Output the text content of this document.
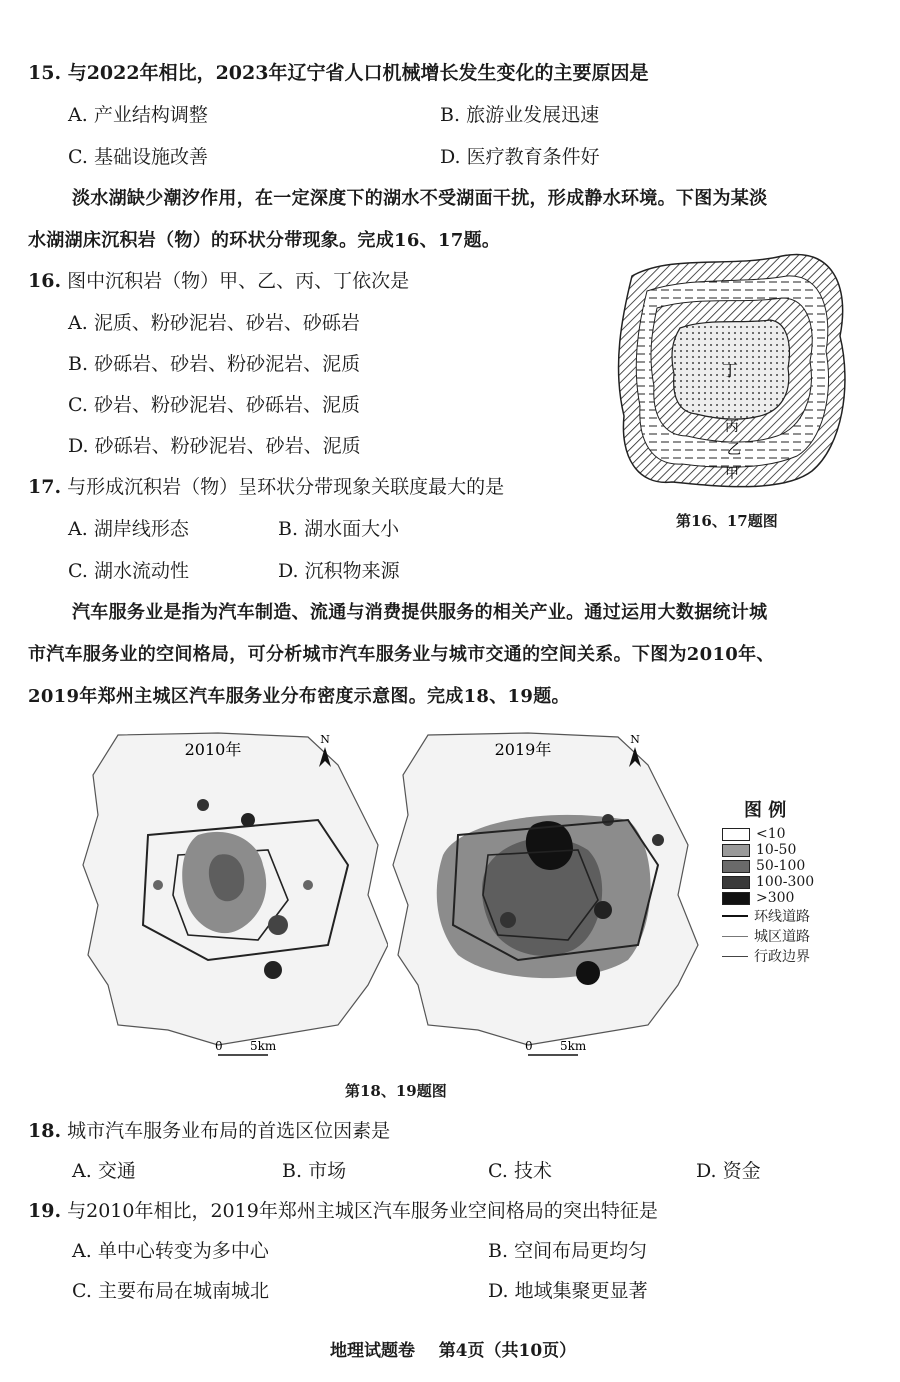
15. 与2022年相比，2023年辽宁省人口机械增长发生变化的主要原因是
A. 产业结构调整	B. 旅游业发展迅速
C. 基础设施改善	D. 医疗教育条件好
淡水湖缺少潮汐作用，在一定深度下的湖水不受湖面干扰，形成静水环境。下图为某淡
水湖湖床沉积岩（物）的环状分带现象。完成16、17题。
16. 图中沉积岩（物）甲、乙、丙、丁依次是
A. 泥质、粉砂泥岩、砂岩、砂砾岩
B. 砂砾岩、砂岩、粉砂泥岩、泥质
C. 砂岩、粉砂泥岩、砂砾岩、泥质
D. 砂砾岩、粉砂泥岩、砂岩、泥质
丁
丙
乙
甲
第16、17题图
17. 与形成沉积岩（物）呈环状分带现象关联度最大的是
A. 湖岸线形态	B. 湖水面大小
C. 湖水流动性	D. 沉积物来源
汽车服务业是指为汽车制造、流通与消费提供服务的相关产业。通过运用大数据统计城
市汽车服务业的空间格局，可分析城市汽车服务业与城市交通的空间关系。下图为2010年、
2019年郑州主城区汽车服务业分布密度示意图。完成18、19题。
2010年
N
0 5km
2019年
N
0 5km
图 例
<10
10-50
50-100
100-300
>300
环线道路
城区道路
行政边界
第18、19题图
18. 城市汽车服务业布局的首选区位因素是
A. 交通	B. 市场	C. 技术	D. 资金
19. 与2010年相比，2019年郑州主城区汽车服务业空间格局的突出特征是
A. 单中心转变为多中心	B. 空间布局更均匀
C. 主要布局在城南城北	D. 地域集聚更显著
地理试题卷 第4页（共10页）
